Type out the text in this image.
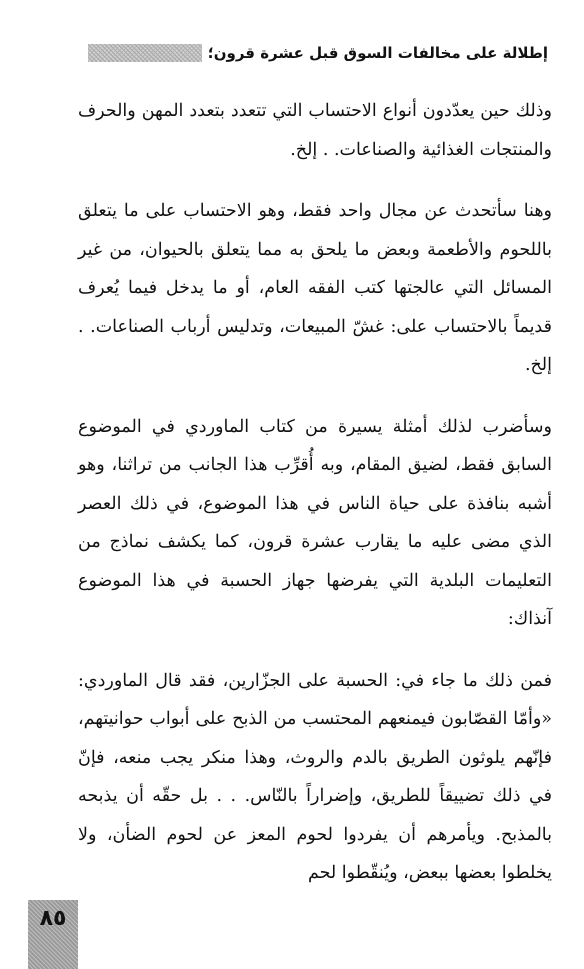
إطلالة على مخالفات السوق قبل عشرة قرون؛

وذلك حين يعدّدون أنواع الاحتساب التي تتعدد بتعدد المهن والحرف والمنتجات الغذائية والصناعات. . إلخ.

وهنا سأتحدث عن مجال واحد فقط، وهو الاحتساب على ما يتعلق باللحوم والأطعمة وبعض ما يلحق به مما يتعلق بالحيوان، من غير المسائل التي عالجتها كتب الفقه العام، أو ما يدخل فيما يُعرف قديماً بالاحتساب على: غشّ المبيعات، وتدليس أرباب الصناعات. . إلخ.

وسأضرب لذلك أمثلة يسيرة من كتاب الماوردي في الموضوع السابق فقط، لضيق المقام، وبه أُقرِّب هذا الجانب من تراثنا، وهو أشبه بنافذة على حياة الناس في هذا الموضوع، في ذلك العصر الذي مضى عليه ما يقارب عشرة قرون، كما يكشف نماذج من التعليمات البلدية التي يفرضها جهاز الحسبة في هذا الموضوع آنذاك:

فمن ذلك ما جاء في: الحسبة على الجزّارين، فقد قال الماوردي: «وأمّا القصّابون فيمنعهم المحتسب من الذبح على أبواب حوانيتهم، فإنّهم يلوثون الطريق بالدم والروث، وهذا منكر يجب منعه، فإنّ في ذلك تضييقاً للطريق، وإضراراً بالنّاس. . . بل حقّه أن يذبحه بالمذبح. ويأمرهم أن يفردوا لحوم المعز عن لحوم الضأن، ولا يخلطوا بعضها ببعض، ويُنقّطوا لحم

٨٥
